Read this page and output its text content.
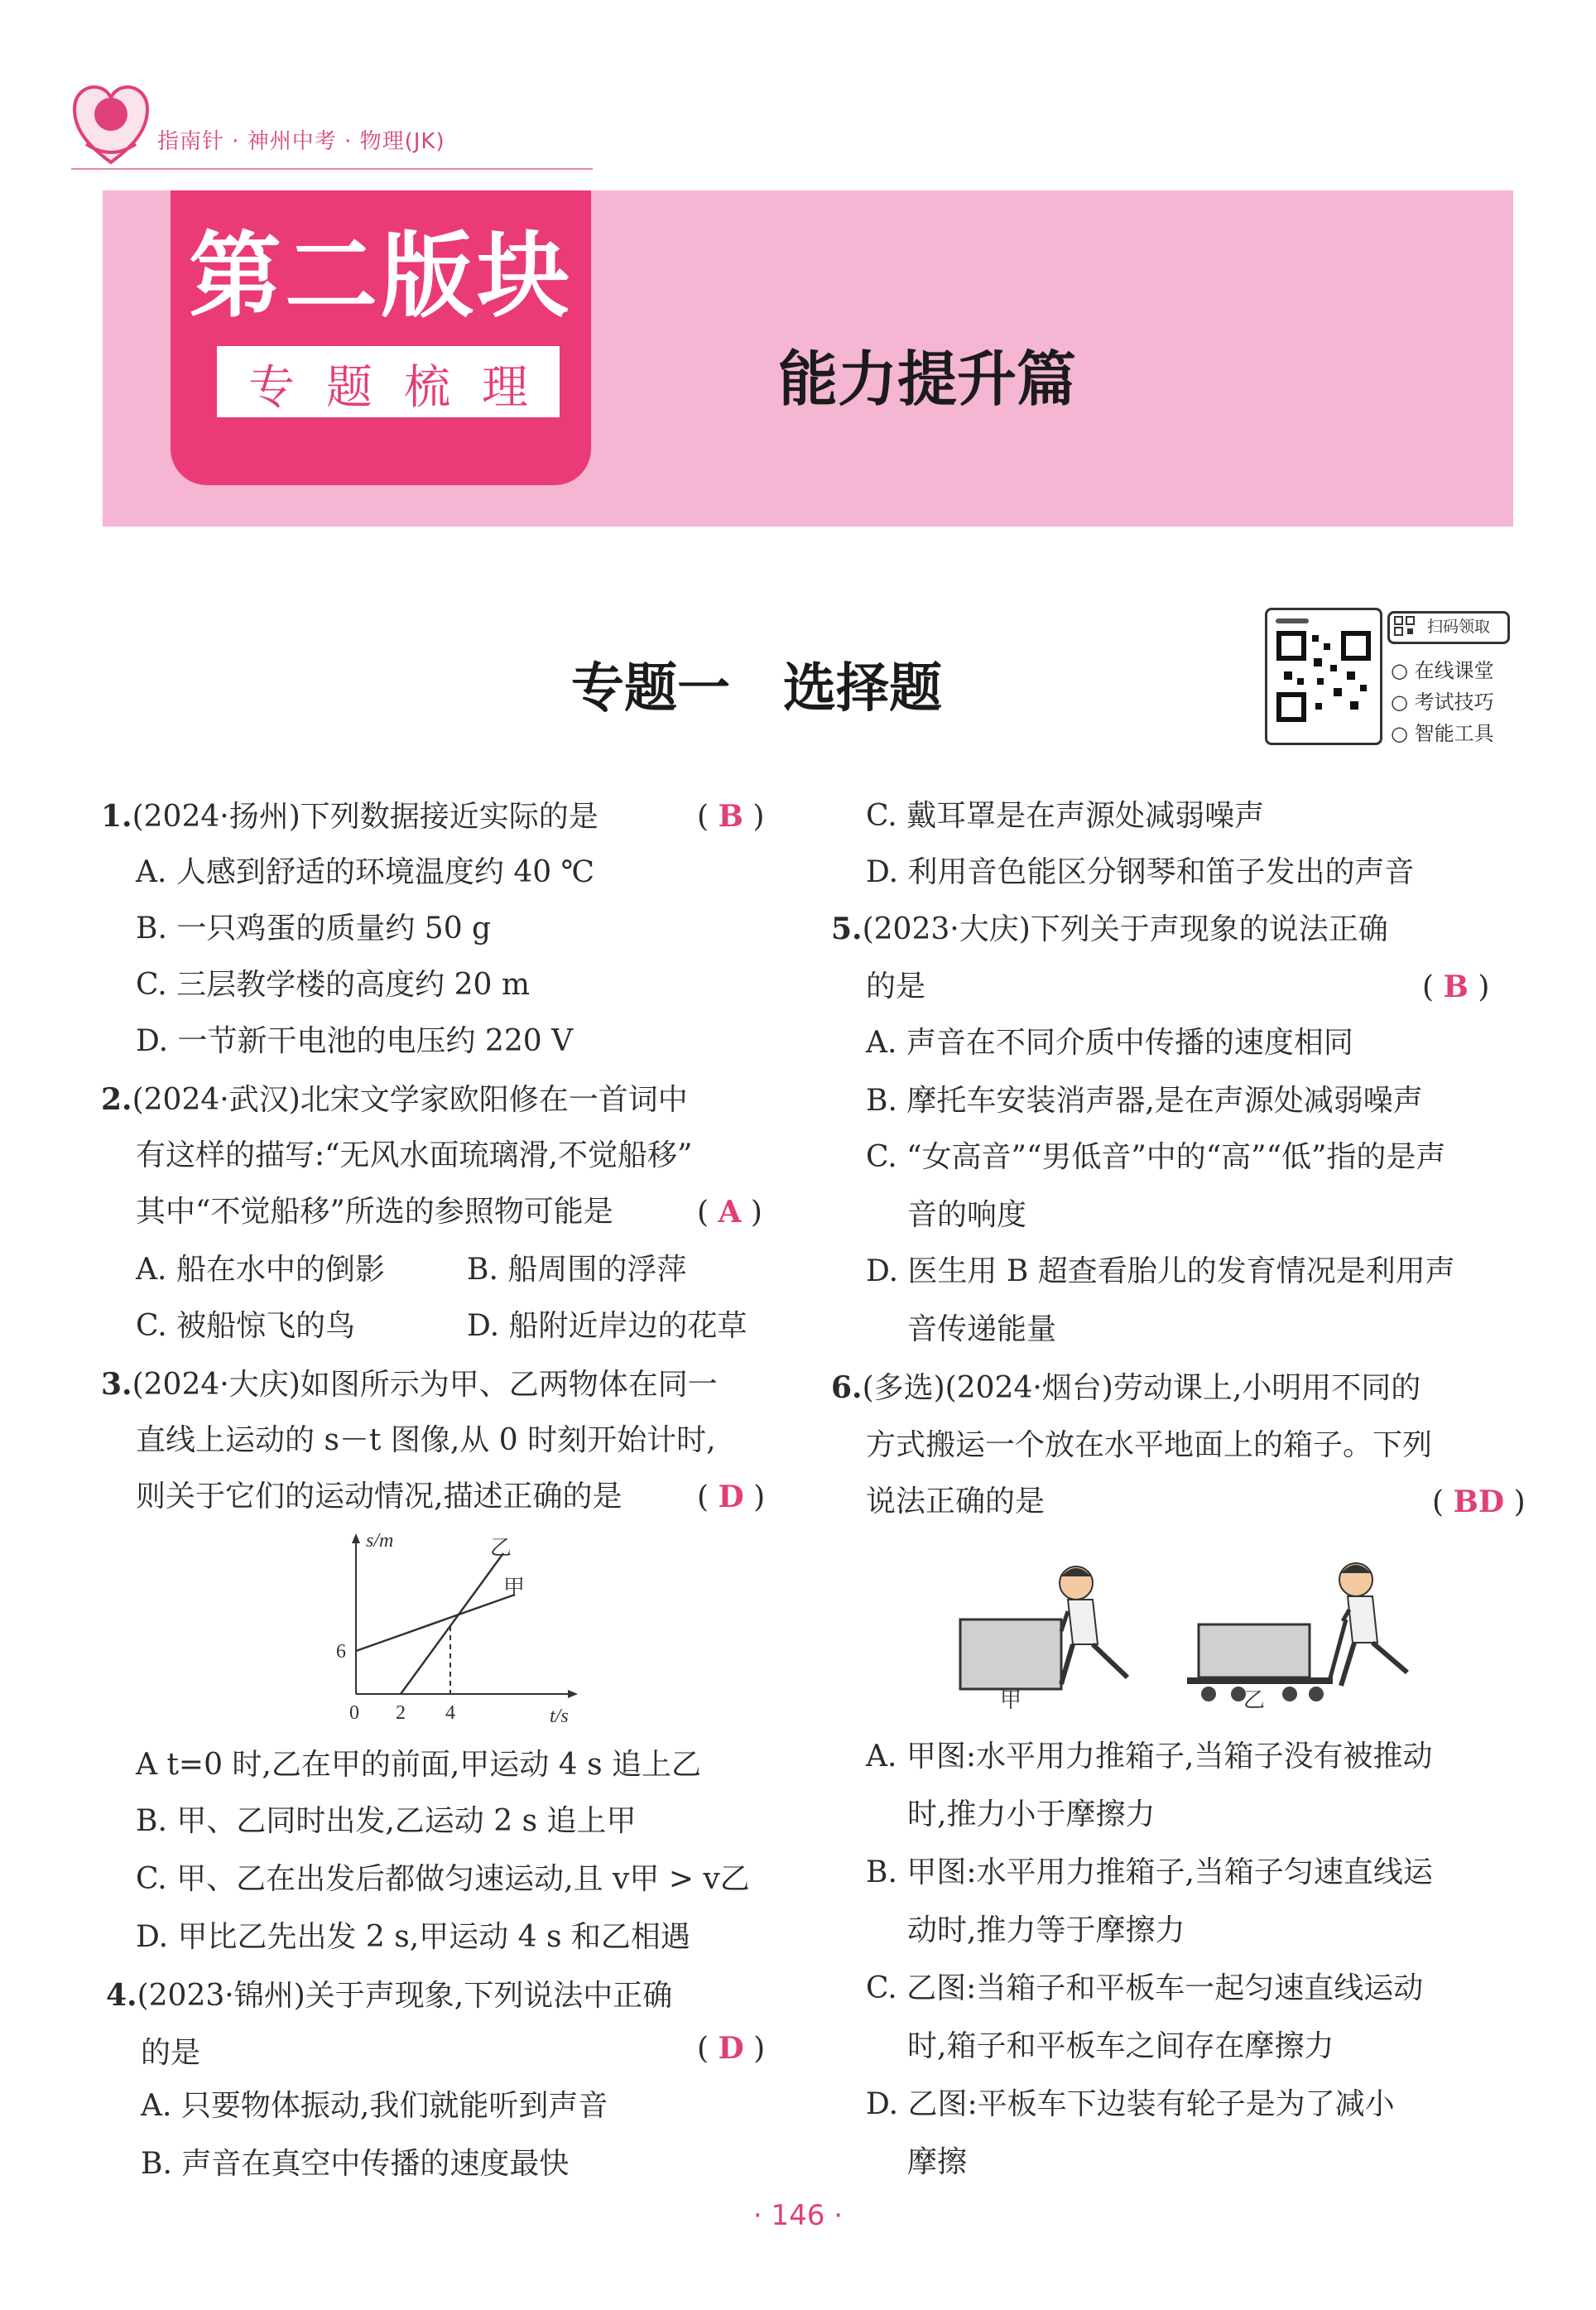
指南针 · 神州中考 · 物理(JK)
第二版块
专题梳理	能力提升篇
专题一　选择题
扫码领取
○ 在线课堂
○ 考试技巧
○ 智能工具
1.(2024·扬州)下列数据接近实际的是	( B )
A. 人感到舒适的环境温度约 40 ℃
B. 一只鸡蛋的质量约 50 g
C. 三层教学楼的高度约 20 m
D. 一节新干电池的电压约 220 V
2.(2024·武汉)北宋文学家欧阳修在一首词中
有这样的描写:“无风水面琉璃滑,不觉船移”
其中“不觉船移”所选的参照物可能是	( A )
A. 船在水中的倒影	B. 船周围的浮萍
C. 被船惊飞的鸟	D. 船附近岸边的花草
3.(2024·大庆)如图所示为甲、乙两物体在同一
直线上运动的 s－t 图像,从 0 时刻开始计时,
则关于它们的运动情况,描述正确的是	( D )
s/m
t/s
6
0 2 4
乙
甲
A t=0 时,乙在甲的前面,甲运动 4 s 追上乙
B. 甲、乙同时出发,乙运动 2 s 追上甲
C. 甲、乙在出发后都做匀速运动,且 v甲 > v乙
D. 甲比乙先出发 2 s,甲运动 4 s 和乙相遇
4.(2023·锦州)关于声现象,下列说法中正确
的是	( D )
A. 只要物体振动,我们就能听到声音
B. 声音在真空中传播的速度最快
C. 戴耳罩是在声源处减弱噪声
D. 利用音色能区分钢琴和笛子发出的声音
5.(2023·大庆)下列关于声现象的说法正确
的是	( B )
A. 声音在不同介质中传播的速度相同
B. 摩托车安装消声器,是在声源处减弱噪声
C. “女高音”“男低音”中的“高”“低”指的是声
音的响度
D. 医生用 B 超查看胎儿的发育情况是利用声
音传递能量
6.(多选)(2024·烟台)劳动课上,小明用不同的
方式搬运一个放在水平地面上的箱子。下列
说法正确的是	( BD )
甲	乙
A. 甲图:水平用力推箱子,当箱子没有被推动
时,推力小于摩擦力
B. 甲图:水平用力推箱子,当箱子匀速直线运
动时,推力等于摩擦力
C. 乙图:当箱子和平板车一起匀速直线运动
时,箱子和平板车之间存在摩擦力
D. 乙图:平板车下边装有轮子是为了减小
摩擦
· 146 ·
